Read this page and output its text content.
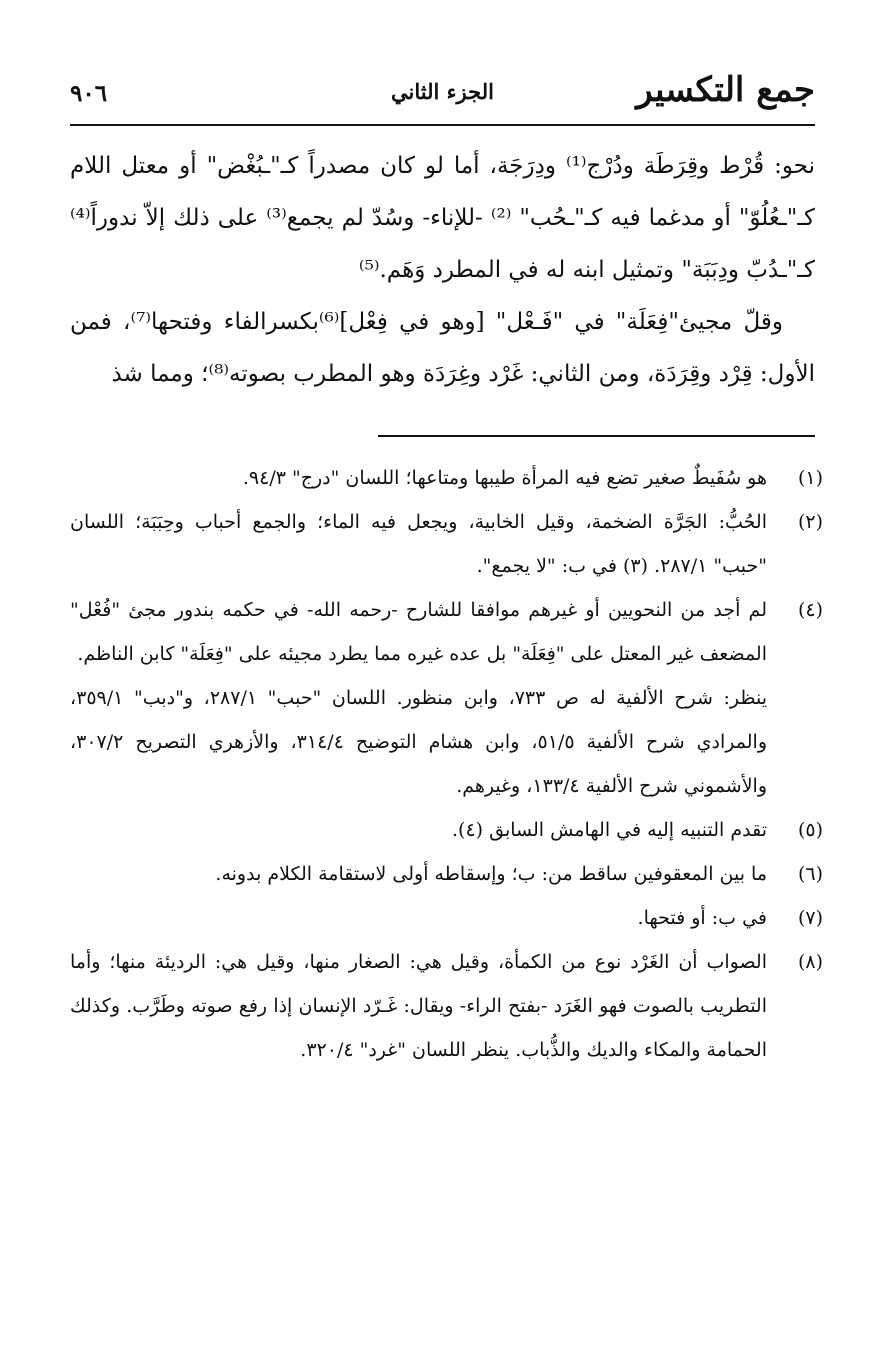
جمع التكسير
الجزء الثاني
٩٠٦

نحو: قُرْط وقِرَطَة ودُرْج⁽¹⁾ ودِرَجَة، أما لو كان مصدراً كـ"ـبُغْض" أو معتل اللام كـ"ـعُلُوّ" أو مدغما فيه كـ"ـحُب" ⁽²⁾ -للإناء- وسُدّ لم يجمع⁽³⁾ على ذلك إلاّ ندوراً⁽⁴⁾ كـ"ـدُبّ ودِبَبَة" وتمثيل ابنه له في المطرد وَهَم.⁽⁵⁾

وقلّ مجيئ"فِعَلَة" في "فَـعْل" [وهو في فِعْل]⁽⁶⁾بكسرالفاء وفتحها⁽⁷⁾، فمن الأول: قِرْد وقِرَدَة، ومن الثاني: غَرْد وغِرَدَة وهو المطرب بصوته⁽⁸⁾؛ ومما شذ

(١)
هو سُفَيطٌ صغير تضع فيه المرأة طيبها ومتاعها؛ اللسان "درج" ٩٤/٣.
(٢)
الحُبُّ: الجَرَّة الضخمة، وقيل الخابية، ويجعل فيه الماء؛ والجمع أحباب وحِبَبَة؛ اللسان "حبب" ٢٨٧/١. (٣) في ب: "لا يجمع".
(٤)
لم أجد من النحويين أو غيرهم موافقا للشارح -رحمه الله- في حكمه بندور مجئ "فُعْل" المضعف غير المعتل على "فِعَلَة" بل عده غيره مما يطرد مجيئه على "فِعَلَة" كابن الناظم.
ينظر: شرح الألفية له ص ٧٣٣، وابن منظور. اللسان "حبب" ٢٨٧/١، و"دبب" ٣٥٩/١، والمرادي شرح الألفية ٥١/٥، وابن هشام التوضيح ٣١٤/٤، والأزهري التصريح ٣٠٧/٢، والأشموني شرح الألفية ١٣٣/٤، وغيرهم.
(٥)
تقدم التنبيه إليه في الهامش السابق (٤).
(٦)
ما بين المعقوفين ساقط من: ب؛ وإسقاطه أولى لاستقامة الكلام بدونه.
(٧)
في ب: أو فتحها.
(٨)
الصواب أن الغَرْد نوع من الكمأة، وقيل هي: الصغار منها، وقيل هي: الرديئة منها؛ وأما التطريب بالصوت فهو الغَرَد -بفتح الراء- ويقال: غَـرّد الإنسان إذا رفع صوته وطَرَّب. وكذلك الحمامة والمكاء والديك والذُّباب. ينظر اللسان "غرد" ٣٢٠/٤.
